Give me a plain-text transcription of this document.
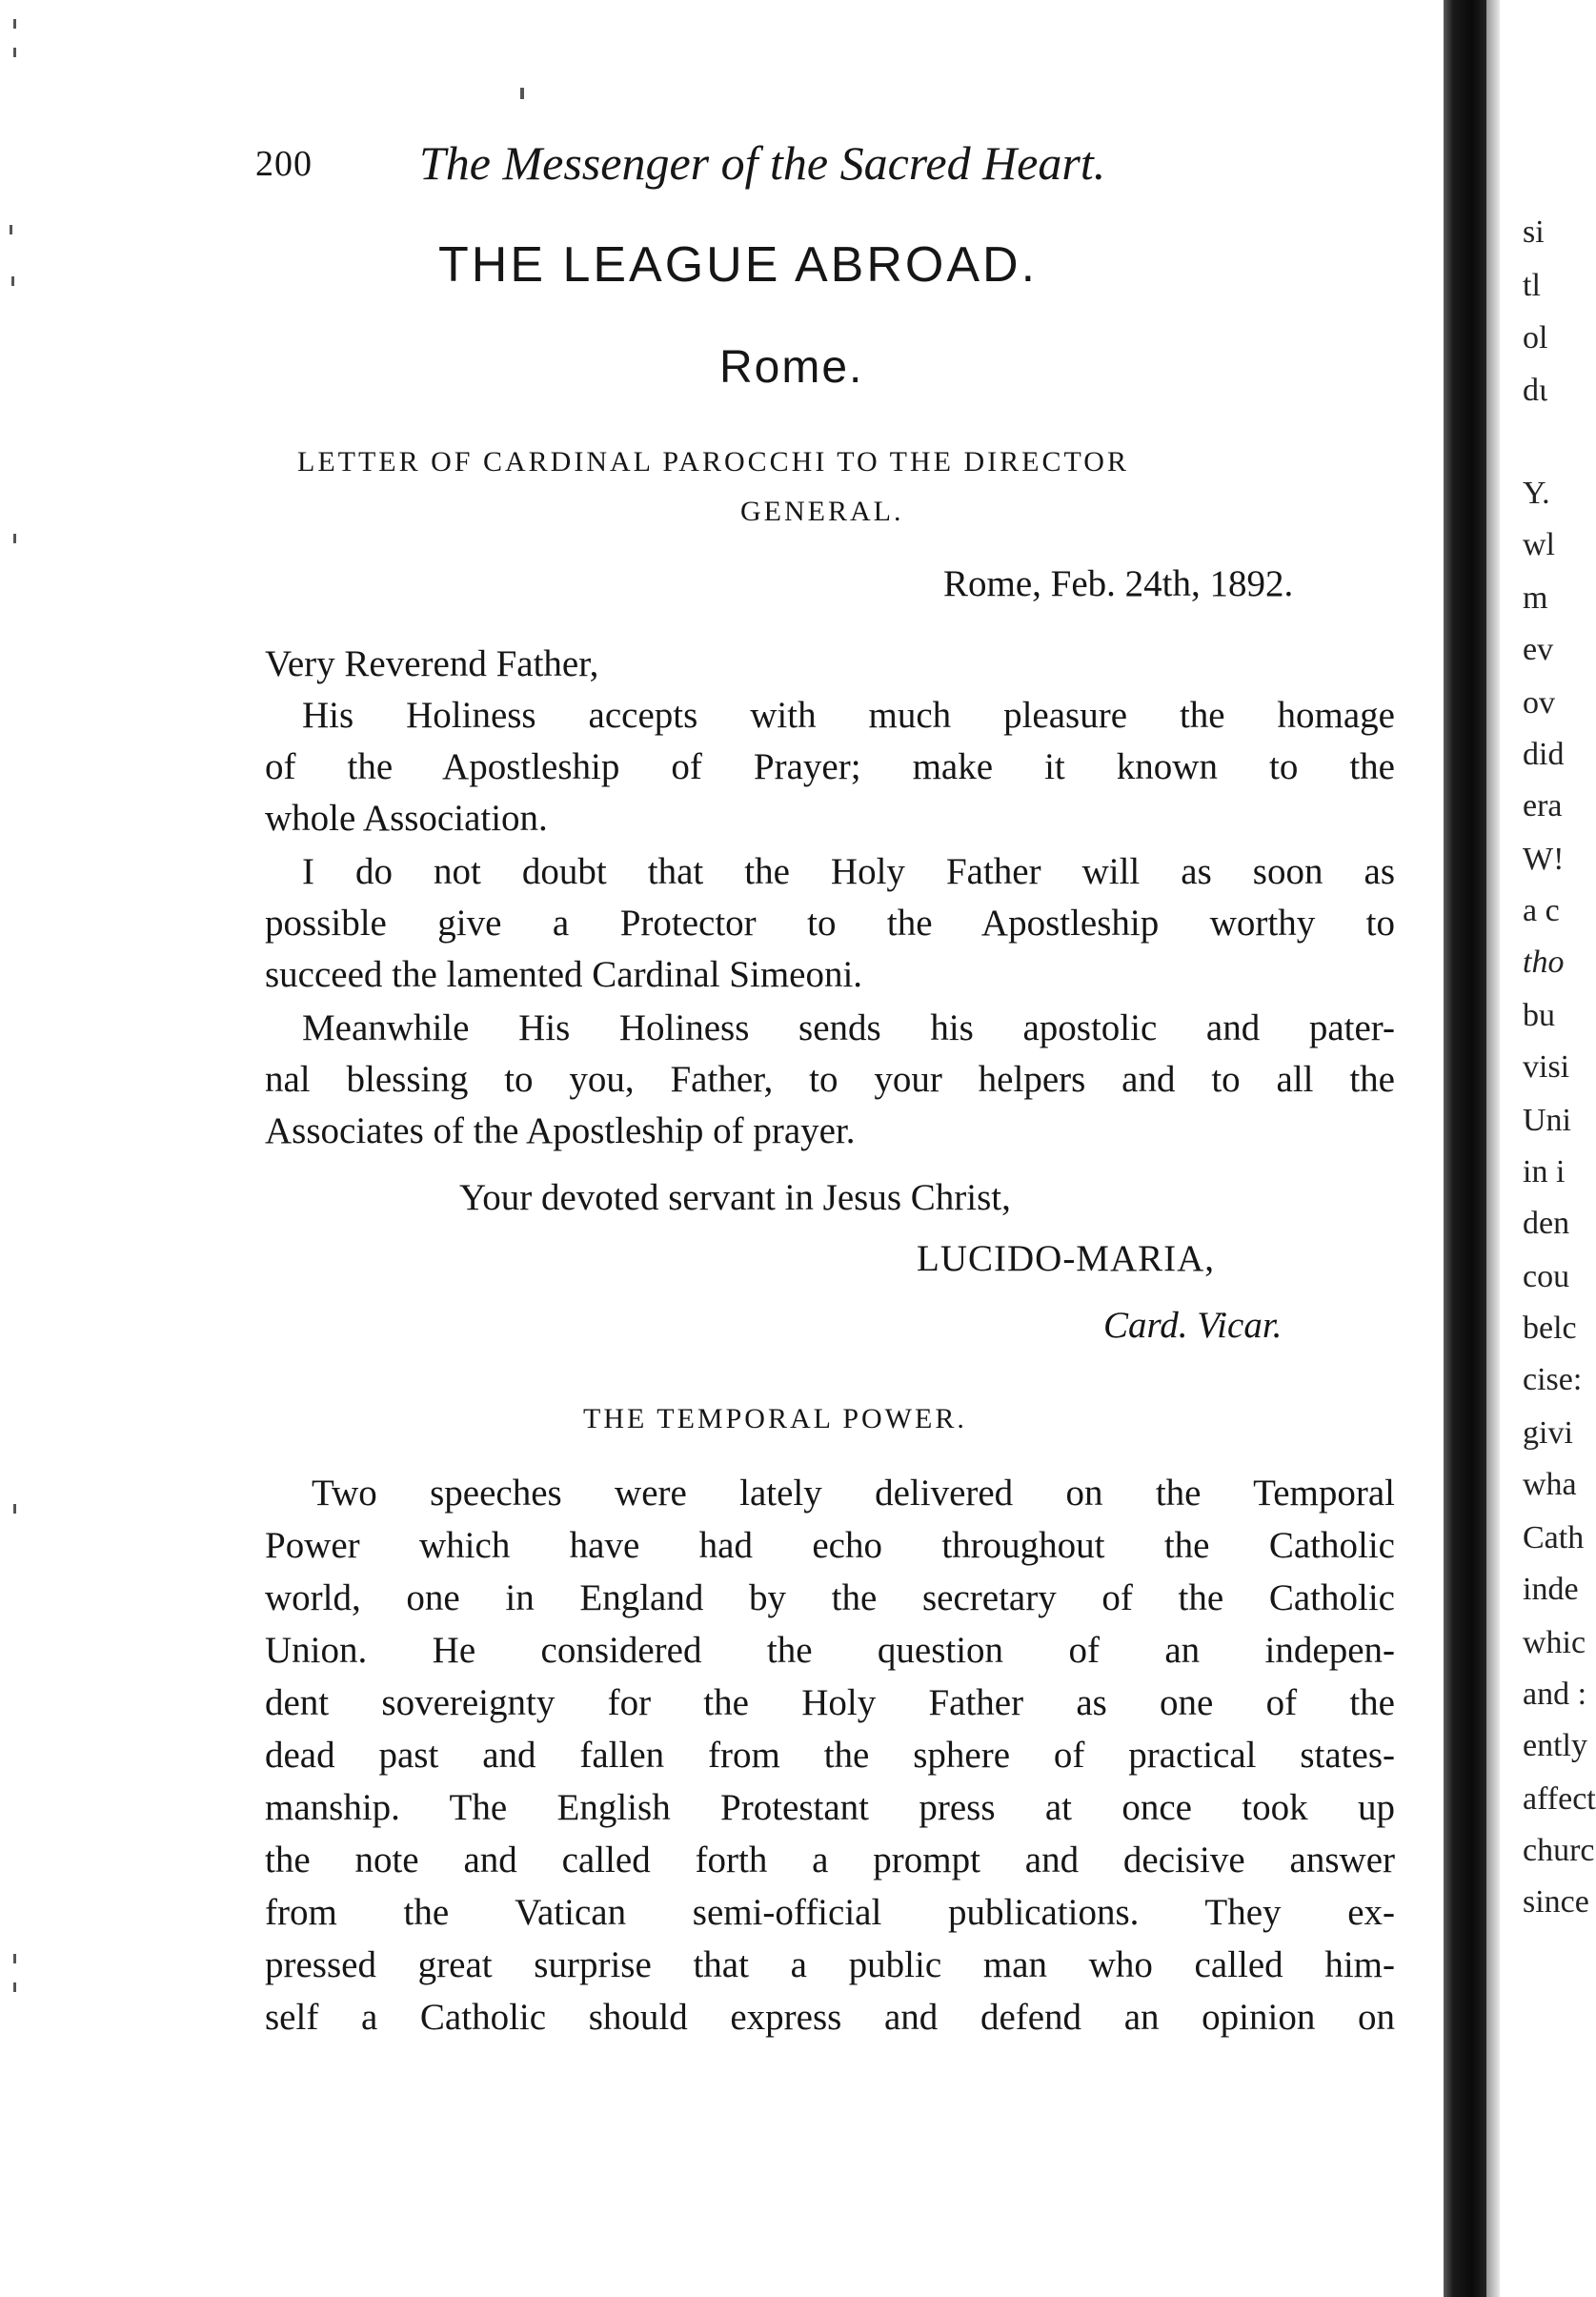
200 The Messenger of the Sacred Heart.
THE LEAGUE ABROAD.
Rome.
LETTER OF CARDINAL PAROCCHI TO THE DIRECTOR
GENERAL.
Rome, Feb. 24th, 1892.
Very Reverend Father,
His Holiness accepts with much pleasure the homage
of the Apostleship of Prayer; make it known to the
whole Association.
I do not doubt that the Holy Father will as soon as
possible give a Protector to the Apostleship worthy to
succeed the lamented Cardinal Simeoni.
Meanwhile His Holiness sends his apostolic and pater-
nal blessing to you, Father, to your helpers and to all the
Associates of the Apostleship of prayer.
Your devoted servant in Jesus Christ,
LUCIDO-MARIA,
Card. Vicar.
THE TEMPORAL POWER.
Two speeches were lately delivered on the Temporal
Power which have had echo throughout the Catholic
world, one in England by the secretary of the Catholic
Union. He considered the question of an indepen-
dent sovereignty for the Holy Father as one of the
dead past and fallen from the sphere of practical states-
manship. The English Protestant press at once took up
the note and called forth a prompt and decisive answer
from the Vatican semi-official publications. They ex-
pressed great surprise that a public man who called him-
self a Catholic should express and defend an opinion on
si
tl
ol
dι
Y.
wl
m
ev
ov
did
era
W!
a c
tho
bu
visi
Uni
in i
den
cou
belc
cise:
givi
wha
Cath
inde
whic
and :
ently
affect
churc
since
